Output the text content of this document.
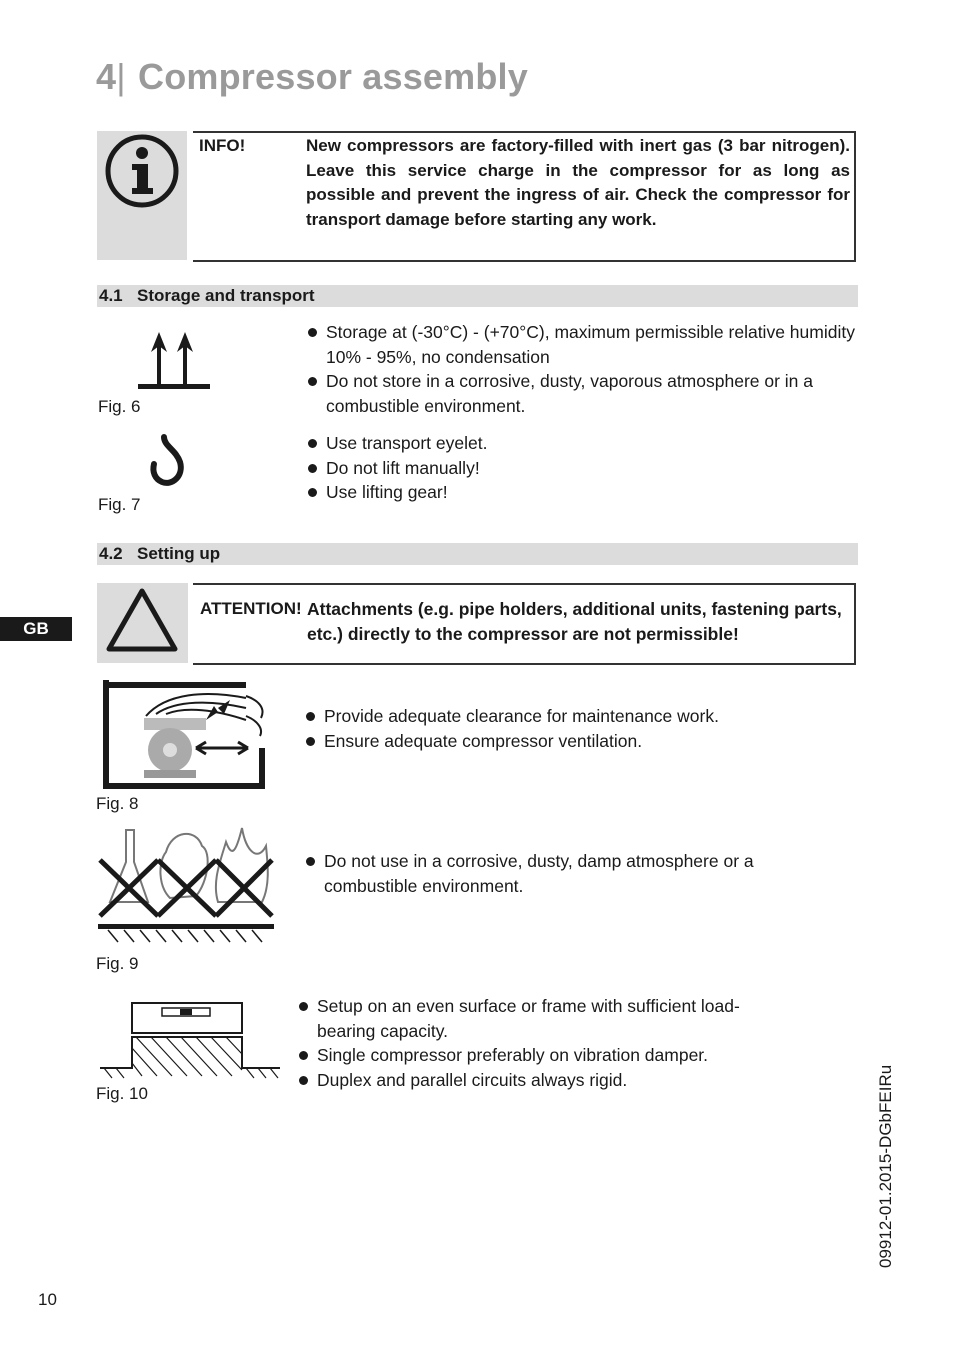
4| Compressor assembly
INFO!	New compressors are factory-filled with inert gas (3 bar nitrogen). Leave this service charge in the compressor for as long as possible and prevent the ingress of air. Check the compressor for transport damage before starting any work.
4.1 Storage and transport
Fig. 6
Storage at (-30°C) - (+70°C), maximum permissible relative humidity 10% - 95%, no condensation
Do not store in a corrosive, dusty, vaporous atmosphere or in a combustible environment.
Fig. 7
Use transport eyelet.
Do not lift manually!
Use lifting gear!
4.2 Setting up
GB
ATTENTION! Attachments (e.g. pipe holders, additional units, fastening parts, etc.) directly to the compressor are not permissible!
Fig. 8
Provide adequate clearance for maintenance work.
Ensure adequate compressor ventilation.
Fig. 9
Do not use in a corrosive, dusty, damp atmosphere or a combustible environment.
Fig. 10
Setup on an even surface or frame with sufficient load-bearing capacity.
Single compressor preferably on vibration damper.
Duplex and parallel circuits always rigid.	09912-01.2015-DGbFEIRu
10
